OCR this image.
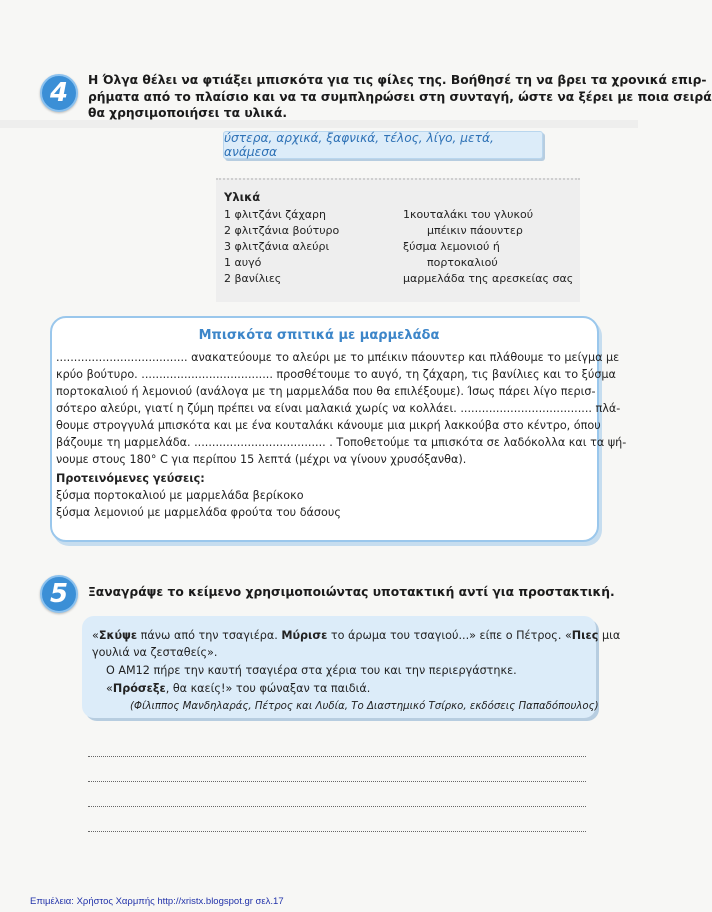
4	Η Όλγα θέλει να φτιάξει μπισκότα για τις φίλες της. Βοήθησέ τη να βρει τα χρονικά επιρ-
ρήματα από το πλαίσιο και να τα συμπληρώσει στη συνταγή, ώστε να ξέρει με ποια σειρά
θα χρησιμοποιήσει τα υλικά.
ύστερα, αρχικά, ξαφνικά, τέλος, λίγο, μετά, ανάμεσα
Υλικά
1 φλιτζάνι ζάχαρη
2 φλιτζάνια βούτυρο
3 φλιτζάνια αλεύρι
1 αυγό
2 βανίλιες
1κουταλάκι του γλυκού
μπέικιν πάουντερ
ξύσμα λεμονιού ή
πορτοκαλιού
μαρμελάδα της αρεσκείας σας
Μπισκότα σπιτικά με μαρμελάδα
..................................... ανακατεύουμε το αλεύρι με το μπέικιν πάουντερ και πλάθουμε το μείγμα με
κρύο βούτυρο. ..................................... προσθέτουμε το αυγό, τη ζάχαρη, τις βανίλιες και το ξύσμα
πορτοκαλιού ή λεμονιού (ανάλογα με τη μαρμελάδα που θα επιλέξουμε). Ίσως πάρει λίγο περισ-
σότερο αλεύρι, γιατί η ζύμη πρέπει να είναι μαλακιά χωρίς να κολλάει. ..................................... πλά-
θουμε στρογγυλά μπισκότα και με ένα κουταλάκι κάνουμε μια μικρή λακκούβα στο κέντρο, όπου
βάζουμε τη μαρμελάδα. ..................................... . Τοποθετούμε τα μπισκότα σε λαδόκολλα και τα ψή-
νουμε στους 180° C για περίπου 15 λεπτά (μέχρι να γίνουν χρυσόξανθα).
Προτεινόμενες γεύσεις:
ξύσμα πορτοκαλιού με μαρμελάδα βερίκοκο
ξύσμα λεμονιού με μαρμελάδα φρούτα του δάσους
5	Ξαναγράψε το κείμενο χρησιμοποιώντας υποτακτική αντί για προστακτική.
«Σκύψε πάνω από την τσαγιέρα. Μύρισε το άρωμα του τσαγιού...» είπε ο Πέτρος. «Πιες μια
γουλιά να ζεσταθείς».
Ο ΑΜ12 πήρε την καυτή τσαγιέρα στα χέρια του και την περιεργάστηκε.
«Πρόσεξε, θα καείς!» του φώναξαν τα παιδιά.
(Φίλιππος Μανδηλαράς, Πέτρος και Λυδία, Το Διαστημικό Τσίρκο, εκδόσεις Παπαδόπουλος)
Επιμέλεια: Χρήστος Χαρμπής http://xristx.blogspot.gr σελ.17
